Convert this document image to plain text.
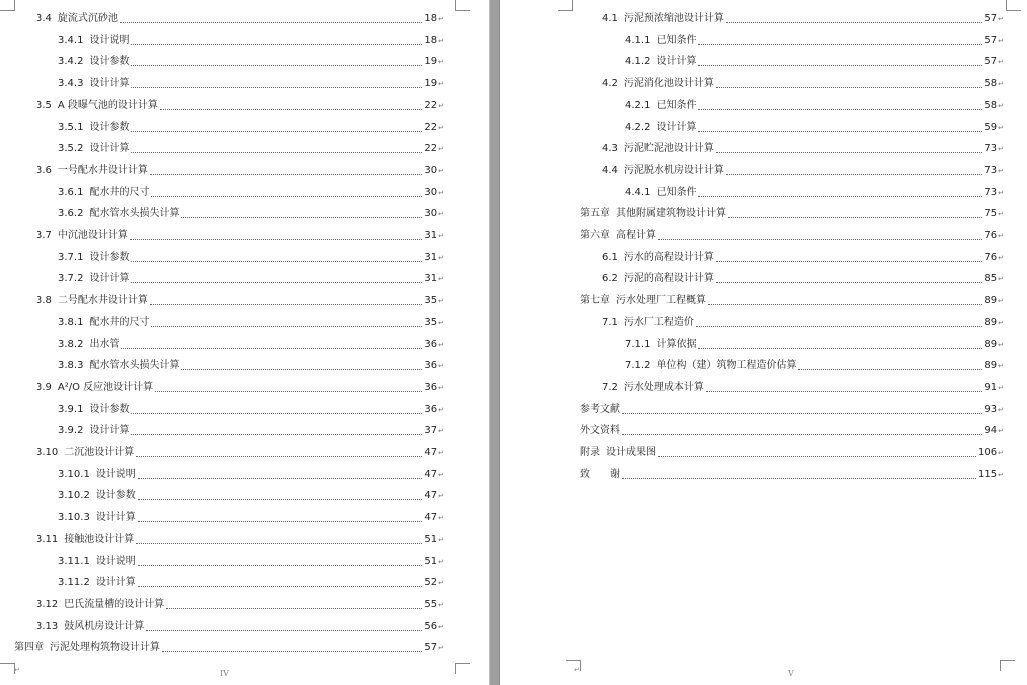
3.4 旋流式沉砂池	18 ↵
3.4.1 设计说明	18 ↵
3.4.2 设计参数	19 ↵
3.4.3 设计计算	19 ↵
3.5 A 段曝气池的设计计算	22 ↵
3.5.1 设计参数	22 ↵
3.5.2 设计计算	22 ↵
3.6 一号配水井设计计算	30 ↵
3.6.1 配水井的尺寸	30 ↵
3.6.2 配水管水头损失计算	30 ↵
3.7 中沉池设计计算	31 ↵
3.7.1 设计参数	31 ↵
3.7.2 设计计算	31 ↵
3.8 二号配水井设计计算	35 ↵
3.8.1 配水井的尺寸	35 ↵
3.8.2 出水管	36 ↵
3.8.3 配水管水头损失计算	36 ↵
3.9 A²/O 反应池设计计算	36 ↵
3.9.1 设计参数	36 ↵
3.9.2 设计计算	37 ↵
3.10 二沉池设计计算	47 ↵
3.10.1 设计说明	47 ↵
3.10.2 设计参数	47 ↵
3.10.3 设计计算	47 ↵
3.11 接触池设计计算	51 ↵
3.11.1 设计说明	51 ↵
3.11.2 设计计算	52 ↵
3.12 巴氏流量槽的设计计算	55 ↵
3.13 鼓风机房设计计算	56 ↵
第四章 污泥处理构筑物设计计算	57 ↵
IV
↵
4.1 污泥预浓缩池设计计算	57 ↵
4.1.1 已知条件	57 ↵
4.1.2 设计计算	57 ↵
4.2 污泥消化池设计计算	58 ↵
4.2.1 已知条件	58 ↵
4.2.2 设计计算	59 ↵
4.3 污泥贮泥池设计计算	73 ↵
4.4 污泥脱水机房设计计算	73 ↵
4.4.1 已知条件	73 ↵
第五章 其他附属建筑物设计计算	75 ↵
第六章 高程计算	76 ↵
6.1 污水的高程设计计算	76 ↵
6.2 污泥的高程设计计算	85 ↵
第七章 污水处理厂工程概算	89 ↵
7.1 污水厂工程造价	89 ↵
7.1.1 计算依据	89 ↵
7.1.2 单位构（建）筑物工程造价估算	89 ↵
7.2 污水处理成本计算	91 ↵
参考文献	93 ↵
外文资料	94 ↵
附录 设计成果图	106 ↵
致　　谢	115 ↵
V
↵
